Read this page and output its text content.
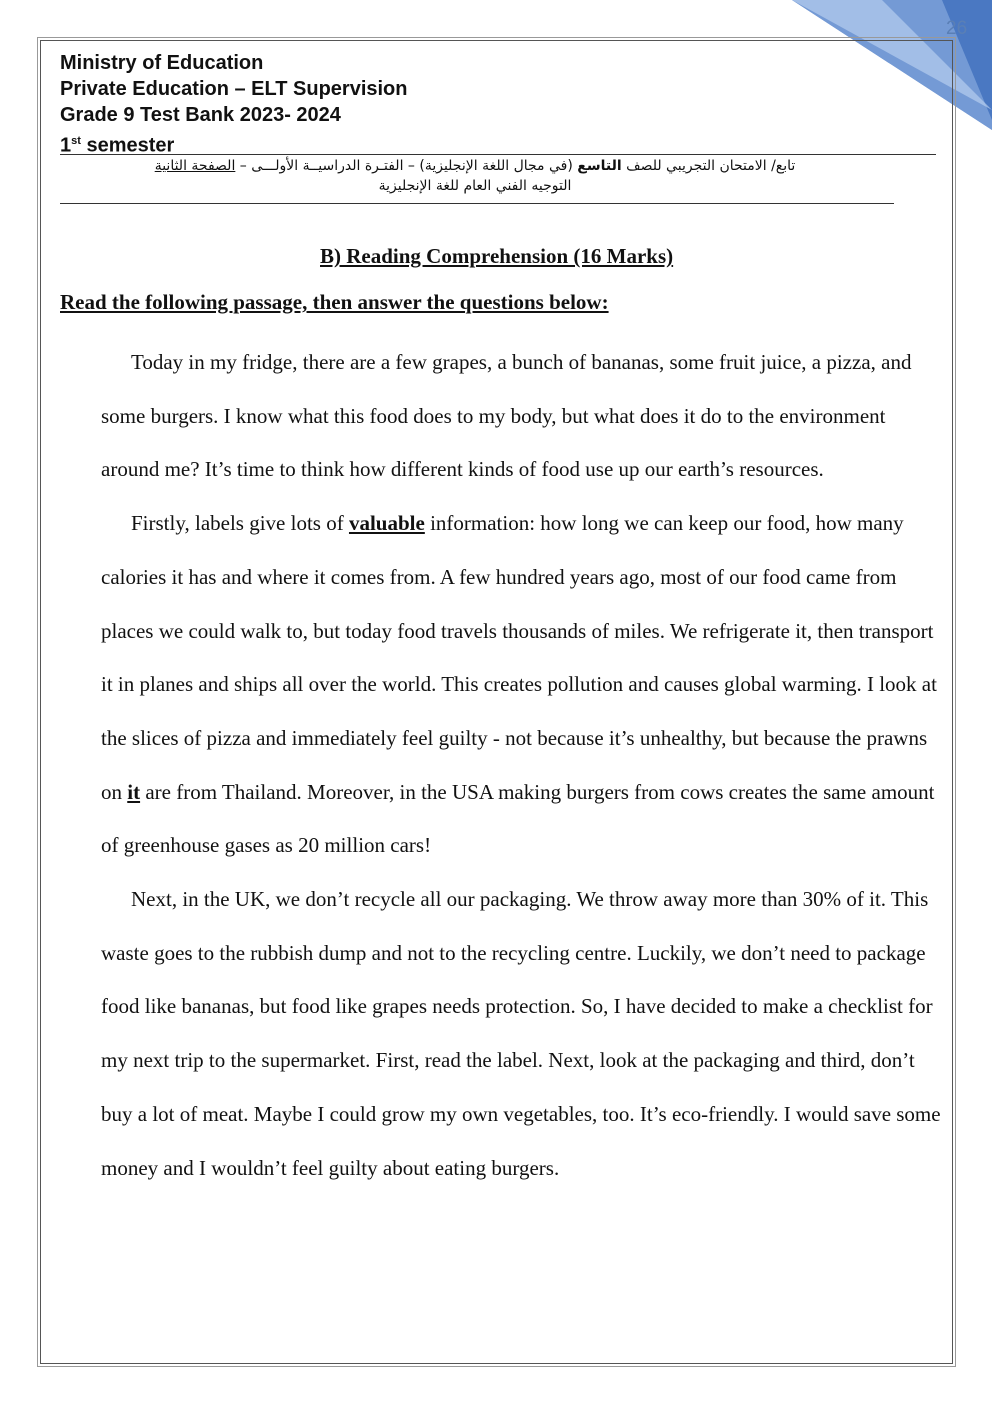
26
Ministry of Education
Private Education – ELT Supervision
Grade 9 Test Bank 2023- 2024
1st semester
تابع/ الامتحان التجريبي للصف التاسع (في مجال اللغة الإنجليزية) – الفتـرة الدراسيــة الأولـــى – الصفحة الثانية
التوجيه الفني العام للغة الإنجليزية
B) Reading Comprehension (16 Marks)
Read the following passage, then answer the questions below:

Today in my fridge, there are a few grapes, a bunch of bananas, some fruit juice, a pizza, and some burgers. I know what this food does to my body, but what does it do to the environment around me? It’s time to think how different kinds of food use up our earth’s resources.

Firstly, labels give lots of valuable information: how long we can keep our food, how many calories it has and where it comes from. A few hundred years ago, most of our food came from places we could walk to, but today food travels thousands of miles. We refrigerate it, then transport it in planes and ships all over the world. This creates pollution and causes global warming. I look at the slices of pizza and immediately feel guilty - not because it’s unhealthy, but because the prawns on it are from Thailand. Moreover, in the USA making burgers from cows creates the same amount of greenhouse gases as 20 million cars!

Next, in the UK, we don’t recycle all our packaging. We throw away more than 30% of it. This waste goes to the rubbish dump and not to the recycling centre. Luckily, we don’t need to package food like bananas, but food like grapes needs protection. So, I have decided to make a checklist for my next trip to the supermarket. First, read the label. Next, look at the packaging and third, don’t buy a lot of meat. Maybe I could grow my own vegetables, too. It’s eco-friendly. I would save some money and I wouldn’t feel guilty about eating burgers.
